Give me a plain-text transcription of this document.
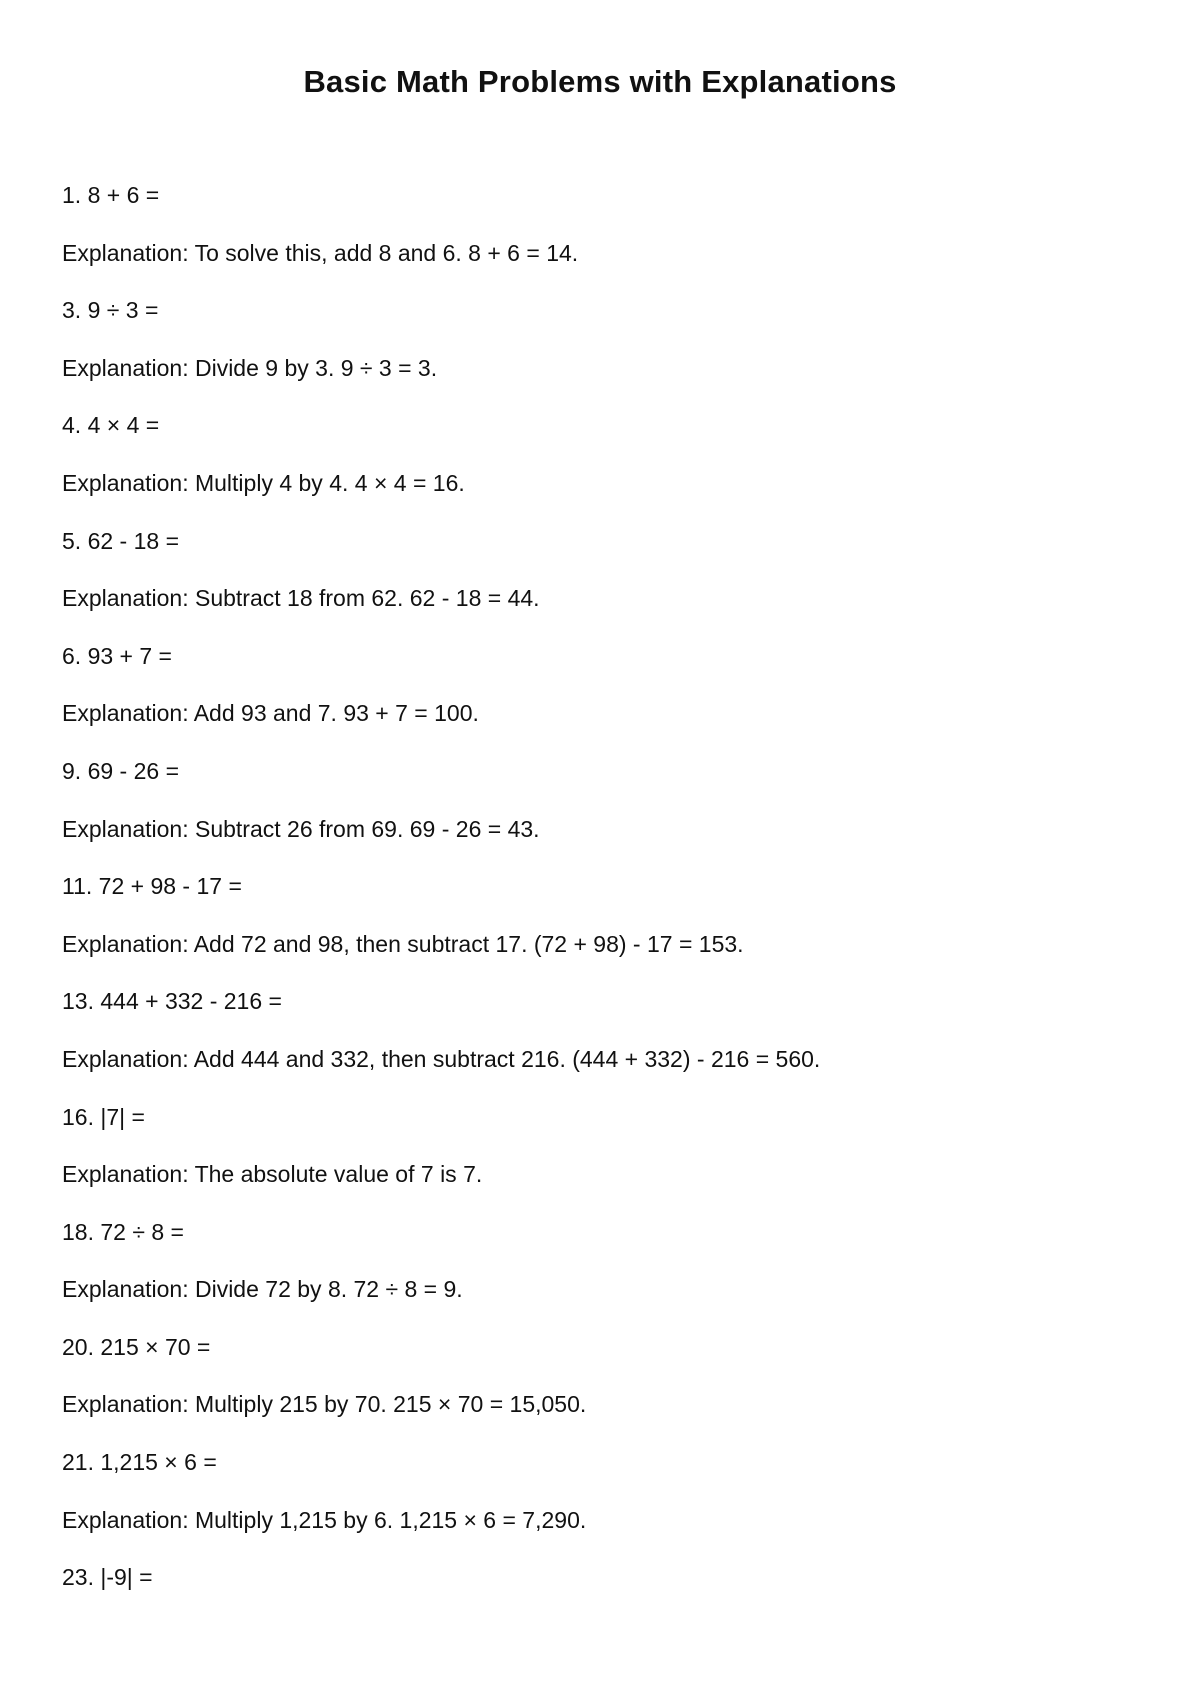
Basic Math Problems with Explanations
1. 8 + 6 =
Explanation: To solve this, add 8 and 6. 8 + 6 = 14.
3. 9 ÷ 3 =
Explanation: Divide 9 by 3. 9 ÷ 3 = 3.
4. 4 × 4 =
Explanation: Multiply 4 by 4. 4 × 4 = 16.
5. 62 - 18 =
Explanation: Subtract 18 from 62. 62 - 18 = 44.
6. 93 + 7 =
Explanation: Add 93 and 7. 93 + 7 = 100.
9. 69 - 26 =
Explanation: Subtract 26 from 69. 69 - 26 = 43.
11. 72 + 98 - 17 =
Explanation: Add 72 and 98, then subtract 17. (72 + 98) - 17 = 153.
13. 444 + 332 - 216 =
Explanation: Add 444 and 332, then subtract 216. (444 + 332) - 216 = 560.
16. |7| =
Explanation: The absolute value of 7 is 7.
18. 72 ÷ 8 =
Explanation: Divide 72 by 8. 72 ÷ 8 = 9.
20. 215 × 70 =
Explanation: Multiply 215 by 70. 215 × 70 = 15,050.
21. 1,215 × 6 =
Explanation: Multiply 1,215 by 6. 1,215 × 6 = 7,290.
23. |-9| =
